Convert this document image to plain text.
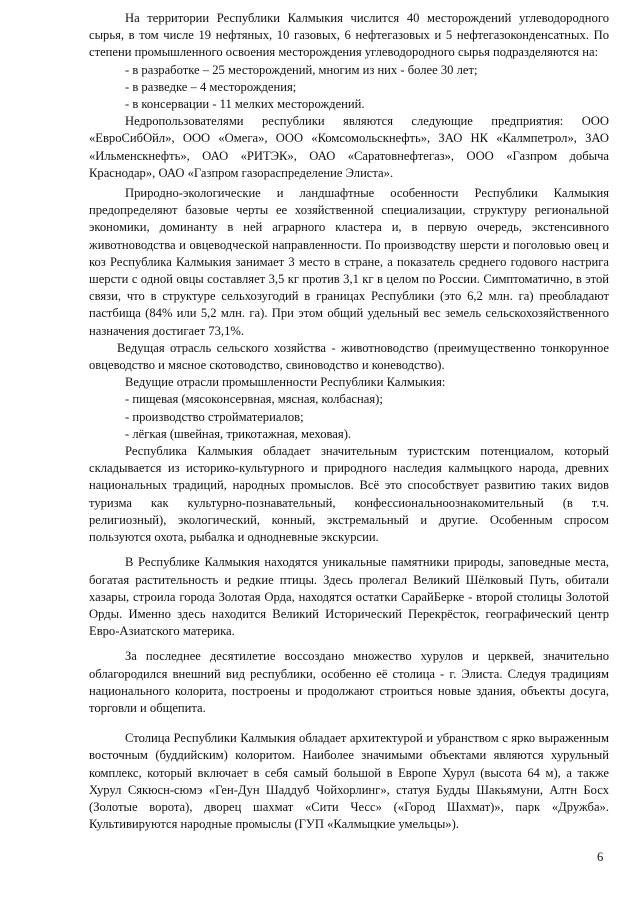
На территории Республики Калмыкия числится 40 месторождений углеводородного сырья, в том числе 19 нефтяных, 10 газовых, 6 нефтегазовых и 5 нефтегазоконденсатных. По степени промышленного освоения месторождения углеводородного сырья подразделяются на:

- в разработке – 25 месторождений, многим из них - более 30 лет;

- в разведке – 4 месторождения;

- в консервации - 11 мелких месторождений.

Недропользователями республики являются следующие предприятия: ООО «ЕвроСибОйл», ООО «Омега», ООО «Комсомольскнефть», ЗАО НК «Калмпетрол», ЗАО «Ильменскнефть», ОАО «РИТЭК», ОАО «Саратовнефтегаз», ООО «Газпром добыча Краснодар», ОАО «Газпром газораспределение Элиста».

Природно-экологические и ландшафтные особенности Республики Калмыкия предопределяют базовые черты ее хозяйственной специализации, структуру региональной экономики, доминанту в ней аграрного кластера и, в первую очередь, экстенсивного животноводства и овцеводческой направленности. По производству шерсти и поголовью овец и коз Республика Калмыкия занимает 3 место в стране, а показатель среднего годового настрига шерсти с одной овцы составляет 3,5 кг против 3,1 кг в целом по России. Симптоматично, в этой связи, что в структуре сельхозугодий в границах Республики (это 6,2 млн. га) преобладают пастбища (84% или 5,2 млн. га). При этом общий удельный вес земель сельскохозяйственного назначения достигает 73,1%.

Ведущая отрасль сельского хозяйства - животноводство (преимущественно тонкорунное овцеводство и мясное скотоводство, свиноводство и коневодство).

Ведущие отрасли промышленности Республики Калмыкия:

- пищевая (мясоконсервная, мясная, колбасная);

- производство стройматериалов;

- лёгкая (швейная, трикотажная, меховая).

Республика Калмыкия обладает значительным туристским потенциалом, который складывается из историко-культурного и природного наследия калмыцкого народа, древних национальных традиций, народных промыслов. Всё это способствует развитию таких видов туризма как культурно-познавательный, конфессиональноознакомительный (в т.ч. религиозный), экологический, конный, экстремальный и другие. Особенным спросом пользуются охота, рыбалка и однодневные экскурсии.

В Республике Калмыкия находятся уникальные памятники природы, заповедные места, богатая растительность и редкие птицы. Здесь пролегал Великий Шёлковый Путь, обитали хазары, строила города Золотая Орда, находятся остатки СарайБерке - второй столицы Золотой Орды. Именно здесь находится Великий Исторический Перекрёсток, географический центр Евро-Азиатского материка.

За последнее десятилетие воссоздано множество хурулов и церквей, значительно облагородился внешний вид республики, особенно её столица - г. Элиста. Следуя традициям национального колорита, построены и продолжают строиться новые здания, объекты досуга, торговли и общепита.

Столица Республики Калмыкия обладает архитектурой и убранством с ярко выраженным восточным (буддийским) колоритом. Наиболее значимыми объектами являются хурульный комплекс, который включает в себя самый большой в Европе Хурул (высота 64 м), а также Хурул Сякюсн-сюмэ «Ген-Дун Шаддуб Чойхорлинг», статуя Будды Шакьямуни, Алтн Босх (Золотые ворота), дворец шахмат «Сити Чесс» («Город Шахмат)», парк «Дружба». Культивируются народные промыслы (ГУП «Калмыцкие умельцы»).

6
